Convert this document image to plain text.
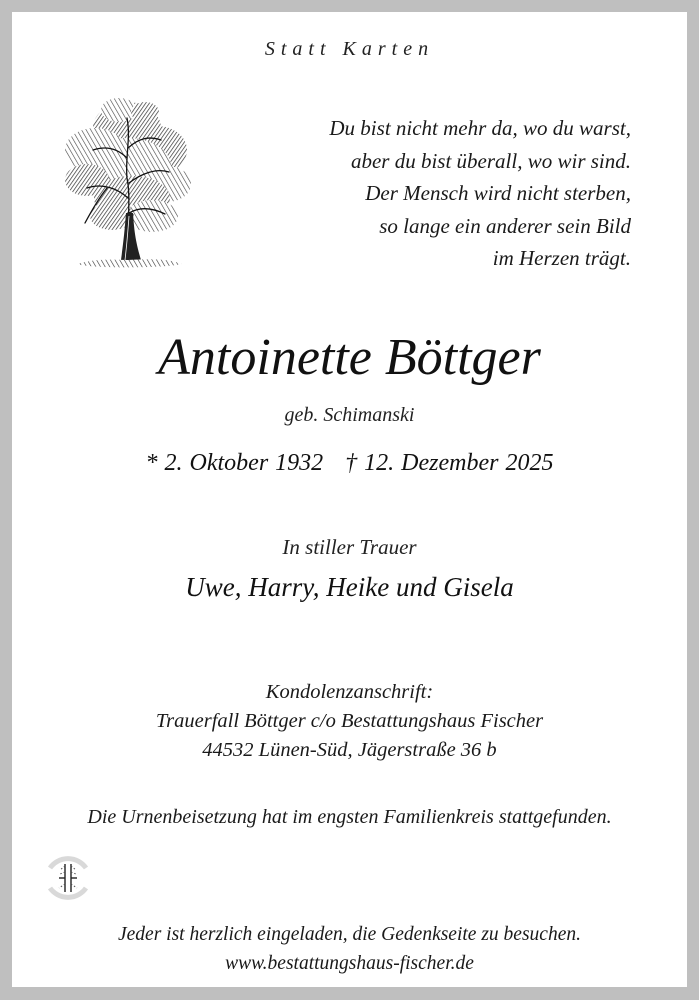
Statt Karten
Du bist nicht mehr da, wo du warst,
aber du bist überall, wo wir sind.
Der Mensch wird nicht sterben,
so lange ein anderer sein Bild
im Herzen trägt.
Antoinette Böttger
geb. Schimanski
* 2. Oktober 1932 † 12. Dezember 2025
In stiller Trauer
Uwe, Harry, Heike und Gisela
Kondolenzanschrift:
Trauerfall Böttger c/o Bestattungshaus Fischer
44532 Lünen-Süd, Jägerstraße 36 b
Die Urnenbeisetzung hat im engsten Familienkreis stattgefunden.
Jeder ist herzlich eingeladen, die Gedenkseite zu besuchen.
www.bestattungshaus-fischer.de
